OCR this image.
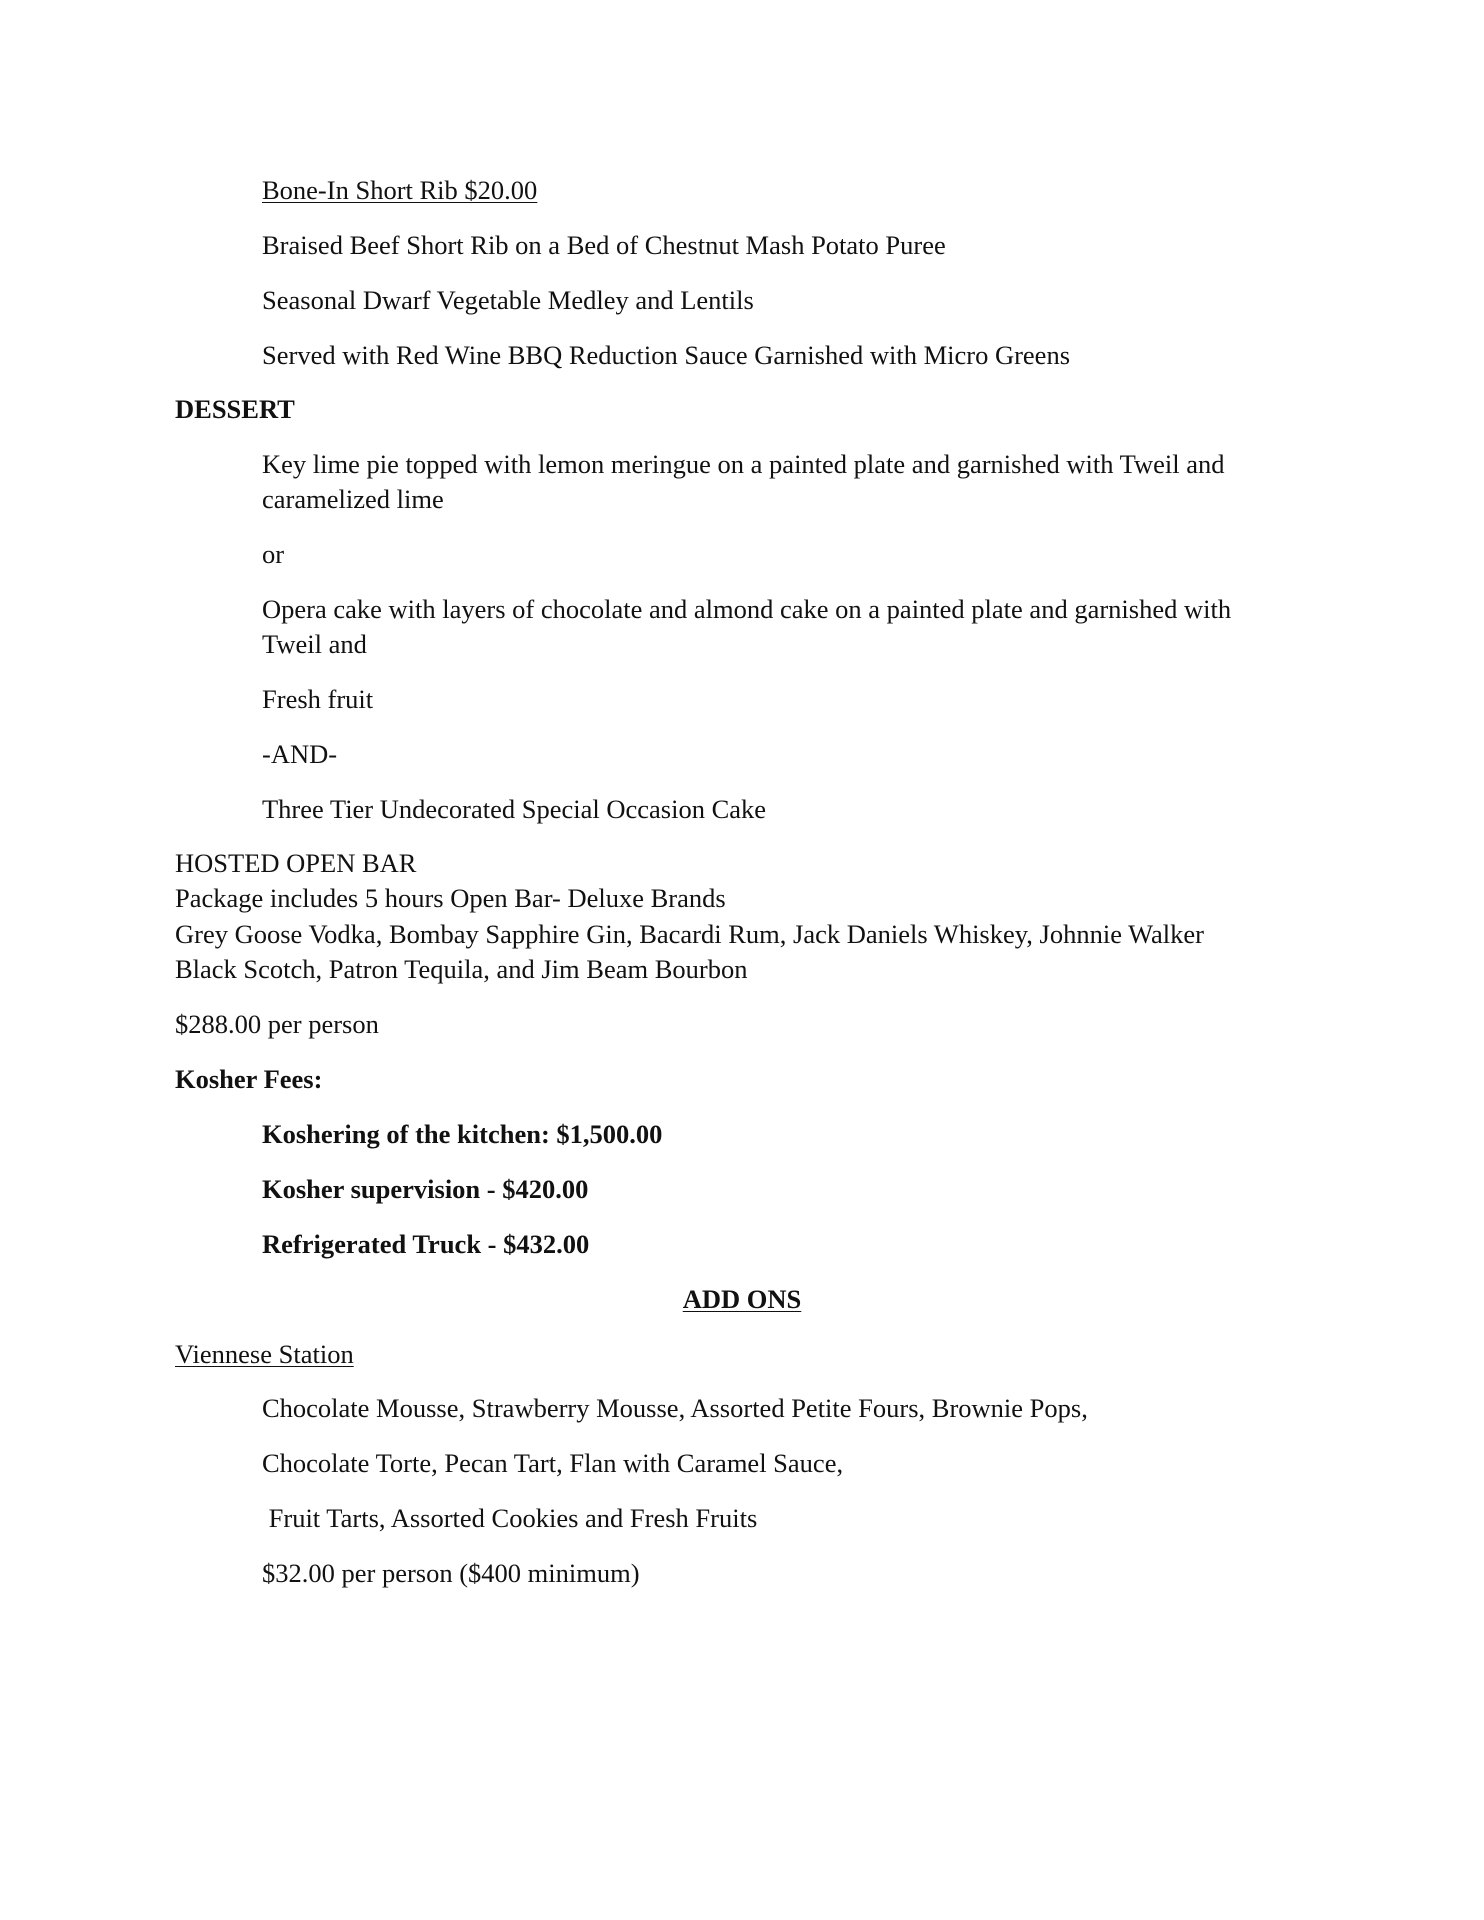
Bone-In Short Rib $20.00
Braised Beef Short Rib on a Bed of Chestnut Mash Potato Puree
Seasonal Dwarf Vegetable Medley and Lentils
Served with Red Wine BBQ Reduction Sauce Garnished with Micro Greens
DESSERT
Key lime pie topped with lemon meringue on a painted plate and garnished with Tweil and
caramelized lime
or
Opera cake with layers of chocolate and almond cake on a painted plate and garnished with
Tweil and
Fresh fruit
-AND-
Three Tier Undecorated Special Occasion Cake
HOSTED OPEN BAR
Package includes 5 hours Open Bar- Deluxe Brands
Grey Goose Vodka, Bombay Sapphire Gin, Bacardi Rum, Jack Daniels Whiskey, Johnnie Walker
Black Scotch, Patron Tequila, and Jim Beam Bourbon
$288.00 per person
Kosher Fees:
Koshering of the kitchen: $1,500.00
Kosher supervision - $420.00
Refrigerated Truck - $432.00
ADD ONS
Viennese Station
Chocolate Mousse, Strawberry Mousse, Assorted Petite Fours, Brownie Pops,
Chocolate Torte, Pecan Tart, Flan with Caramel Sauce,
Fruit Tarts, Assorted Cookies and Fresh Fruits
$32.00 per person ($400 minimum)
